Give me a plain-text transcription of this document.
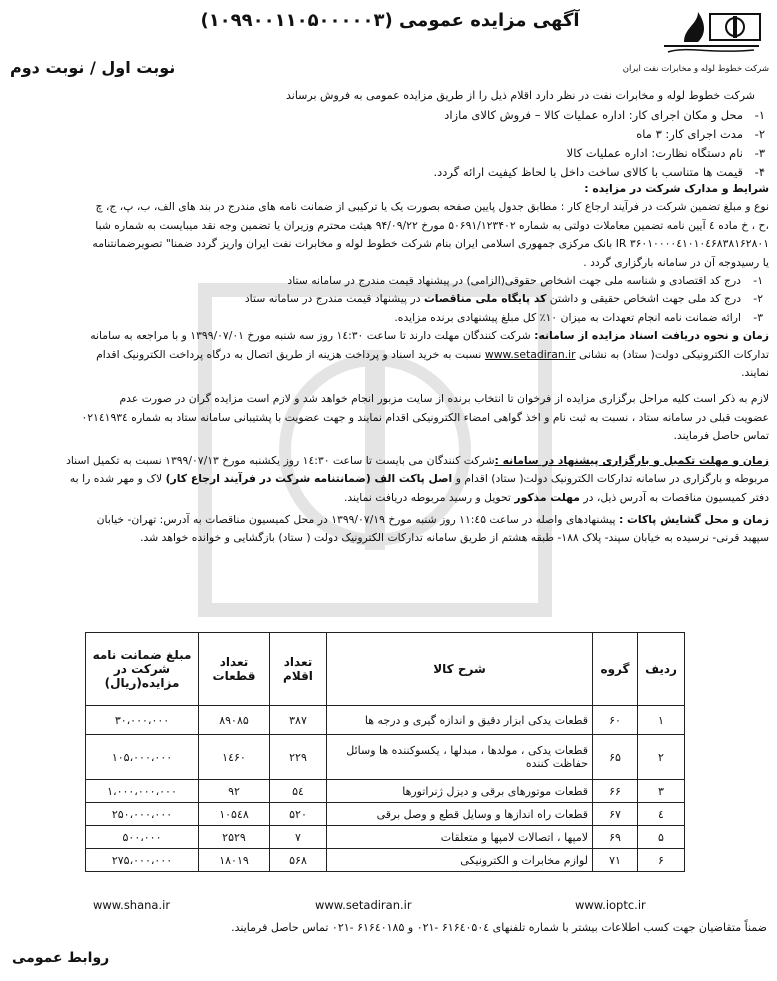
شرکت خطوط لوله و مخابرات نفت ایران
آگهی مزایده عمومی (۱۰۹۹۰۰۱۱۰۵۰۰۰۰۰۳)
نوبت اول / نوبت دوم
شرکت خطوط لوله و مخابرات نفت در نظر دارد اقلام ذیل را از طریق مزایده عمومی به فروش برساند
۱-محل و مکان اجرای کار: اداره عملیات کالا – فروش کالای مازاد
۲-مدت اجرای کار: ۳ ماه
۳-نام دستگاه نظارت: اداره عملیات کالا
۴-قیمت ها متناسب با کالای ساخت داخل با لحاظ کیفیت ارائه گردد.

شرایط و مدارک شرکت در مزایده :

نوع و مبلغ تضمین شرکت در فرآیند ارجاع کار : مطابق جدول پایین صفحه بصورت یک یا ترکیبی از ضمانت نامه های مندرج در بند های الف، ب، پ، ج، چ

،ح ، خ ماده ٤ آیین نامه تضمین معاملات دولتی به شماره ۵۰۶۹۱/۱۲۳۴۰۲ مورخ ۹۴/۰۹/۲۲ هیئت محترم وزیران یا تضمین وجه نقد میبایست به شماره شبا

IR ۳۶۰۱۰۰۰۰٤۱۰۱۰٤۶۸۳۸۱۶۲۸۰۱ بانک مرکزی جمهوری اسلامی ایران بنام شرکت خطوط لوله و مخابرات نفت ایران واریز گردد ضمنا" تصویرضمانتنامه

یا رسیدوجه آن در سامانه بارگزاری گردد .

۱-درج کد اقتصادی و شناسه ملی جهت اشخاص حقوقی(الزامی) در پیشنهاد قیمت مندرج در سامانه ستاد

۲-درج کد ملی جهت اشخاص حقیقی و داشتن کد پایگاه ملی مناقصات در پیشنهاد قیمت مندرج در سامانه ستاد

۳-ارائه ضمانت نامه انجام تعهدات به میزان ۱۰٪ کل مبلغ پیشنهادی برنده مزایده.

زمان و نحوه دریافت اسناد مزایده از سامانه: شرکت کنندگان مهلت دارند تا ساعت ۱٤:۳۰ روز سه شنبه مورخ ۱۳۹۹/۰۷/۰۱ و با مراجعه به سامانه

تدارکات الکترونیکی دولت( ستاد) به نشانی www.setadiran.ir نسبت به خرید اسناد و پرداخت هزینه از طریق اتصال به درگاه پرداخت الکترونیک اقدام

نمایند.

لازم به ذکر است کلیه مراحل برگزاری مزایده از فرخوان تا انتخاب برنده از سایت مزبور انجام خواهد شد و لازم است مزایده گران در صورت عدم

عضویت قبلی در سامانه ستاد ، نسبت به ثبت نام و اخذ گواهی امضاء الکترونیکی اقدام نمایند و جهت عضویت با پشتیبانی سامانه ستاد به شماره ۰۲۱٤۱۹۳٤

تماس حاصل فرمایند.

زمان و مهلت تکمیل و بارگزاری پیشنهاد در سامانه :شرکت کنندگان می بایست تا ساعت ۱٤:۳۰ روز یکشنبه مورخ ۱۳۹۹/۰۷/۱۳ نسبت به تکمیل اسناد

مربوطه و بارگزاری در سامانه تدارکات الکترونیک دولت( ستاد) اقدام و اصل پاکت الف (ضمانتنامه شرکت در فرآیند ارجاع کار) لاک و مهر شده را به

دفتر کمیسیون مناقصات به آدرس ذیل، در مهلت مذکور تحویل و رسید مربوطه دریافت نمایند.

زمان و محل گشایش پاکات : پیشنهادهای واصله در ساعت ۱۱:٤۵ روز شنبه مورخ ۱۳۹۹/۰۷/۱۹ در محل کمیسیون مناقصات به آدرس: تهران- خیابان

سپهبد قرنی- نرسیده به خیابان سپند- پلاک ۱۸۸- طبقه هشتم از طریق سامانه تدارکات الکترونیک دولت ( ستاد) بازگشایی و خوانده خواهد شد.

ردیف	گروه	شرح کالا	تعداد اقلام	تعداد قطعات	مبلغ ضمانت نامه شرکت در مزایده(ریال)
۱	۶۰	قطعات یدکی ابزار دقیق و اندازه گیری و درجه ها	۳۸۷	۸۹۰۸۵	۳۰،۰۰۰،۰۰۰
۲	۶۵	قطعات یدکی ، مولدها ، مبدلها ، یکسوکننده ها وسائل حفاظت کننده	۲۲۹	۱٤۶۰	۱۰۵،۰۰۰،۰۰۰
۳	۶۶	قطعات موتورهای برقی و دیزل ژنراتورها	۵٤	۹۲	۱،۰۰۰،۰۰۰،۰۰۰
٤	۶۷	قطعات راه اندازها و وسایل قطع و وصل برقی	۵۲۰	۱۰۵٤۸	۲۵۰،۰۰۰،۰۰۰
۵	۶۹	لامپها ، اتصالات لامپها و متعلقات	۷	۲۵۲۹	۵۰۰،۰۰۰
۶	۷۱	لوازم مخابرات و الکترونیکی	۵۶۸	۱۸۰۱۹	۲۷۵،۰۰۰،۰۰۰
www.shana.ir	www.setadiran.ir	www.ioptc.ir
ضمناً متقاضیان جهت کسب اطلاعات بیشتر با شماره تلفنهای ۶۱۶٤۰۵۰٤ -۰۲۱ و ۶۱۶٤۰۱۸۵ -۰۲۱ تماس حاصل فرمایند.
روابط عمومی
